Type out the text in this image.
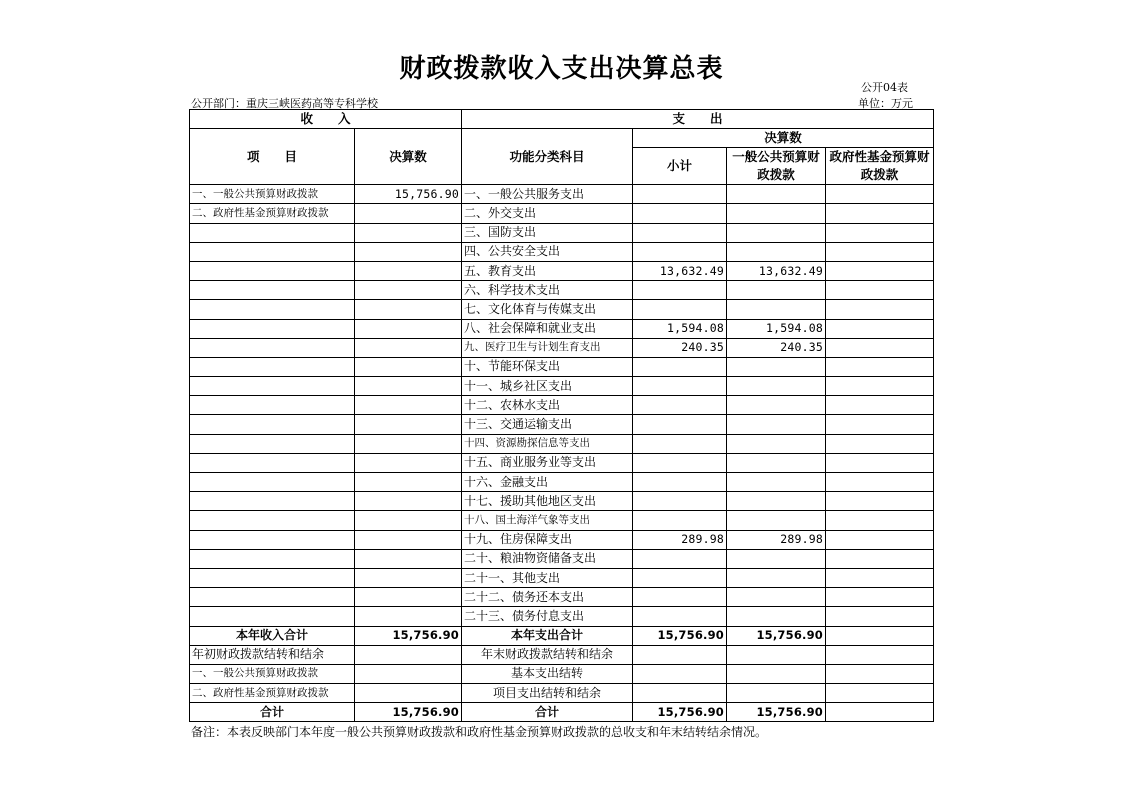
财政拨款收入支出决算总表
公开04表
公开部门：重庆三峡医药高等专科学校	单位：万元
收　　入		支　　出			
项　　目	决算数	功能分类科目	决算数		
			小计	一般公共预算财政拨款	政府性基金预算财政拨款
一、一般公共预算财政拨款	15,756.90	一、一般公共服务支出			
二、政府性基金预算财政拨款		二、外交支出			
		三、国防支出			
		四、公共安全支出			
		五、教育支出	13,632.49	13,632.49	
		六、科学技术支出			
		七、文化体育与传媒支出			
		八、社会保障和就业支出	1,594.08	1,594.08	
		九、医疗卫生与计划生育支出	240.35	240.35	
		十、节能环保支出			
		十一、城乡社区支出			
		十二、农林水支出			
		十三、交通运输支出			
		十四、资源勘探信息等支出			
		十五、商业服务业等支出			
		十六、金融支出			
		十七、援助其他地区支出			
		十八、国土海洋气象等支出			
		十九、住房保障支出	289.98	289.98	
		二十、粮油物资储备支出			
		二十一、其他支出			
		二十二、债务还本支出			
		二十三、债务付息支出			
本年收入合计	15,756.90	本年支出合计	15,756.90	15,756.90	
年初财政拨款结转和结余		年末财政拨款结转和结余			
一、一般公共预算财政拨款		基本支出结转			
二、政府性基金预算财政拨款		项目支出结转和结余			
合计	15,756.90	合计	15,756.90	15,756.90	
备注：本表反映部门本年度一般公共预算财政拨款和政府性基金预算财政拨款的总收支和年末结转结余情况。
